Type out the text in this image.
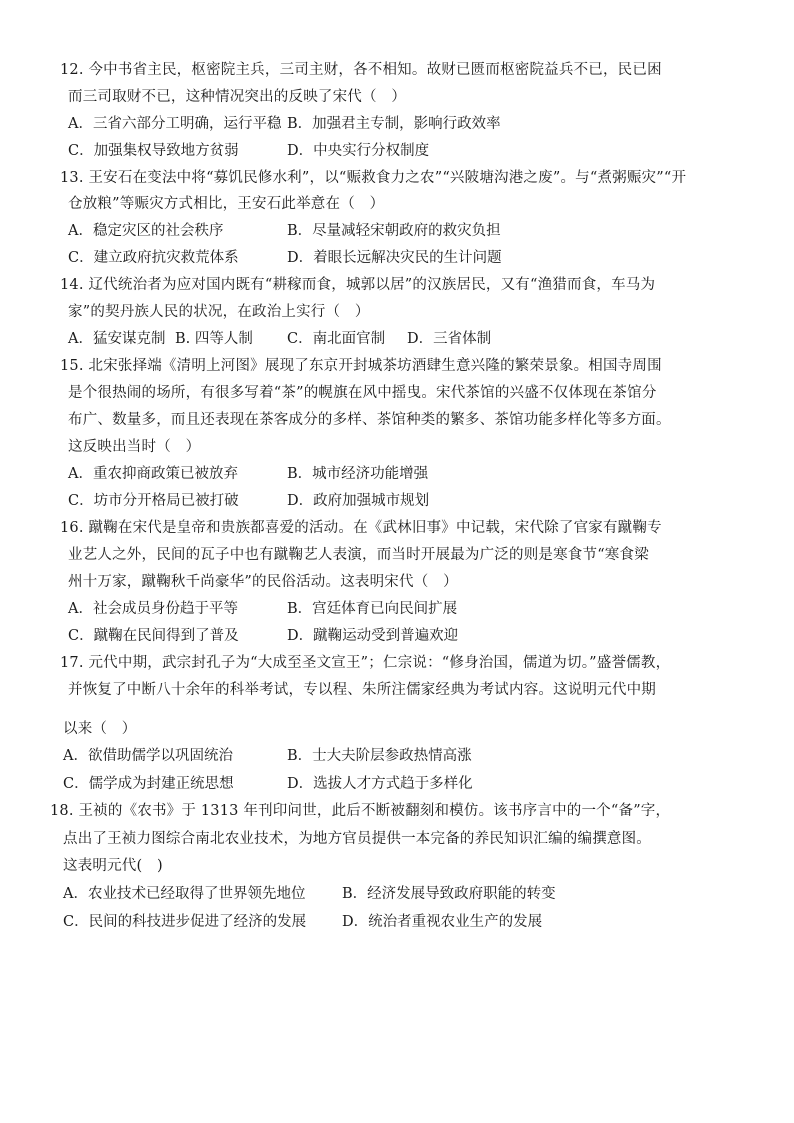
12. 今中书省主民，枢密院主兵，三司主财，各不相知。故财已匮而枢密院益兵不已，民已困
而三司取财不已，这种情况突出的反映了宋代（　）
A．三省六部分工明确，运行平稳 B．加强君主专制，影响行政效率
C．加强集权导致地方贫弱	D．中央实行分权制度
13. 王安石在变法中将“募饥民修水利”，以“赈救食力之农”“兴陂塘沟港之废”。与“煮粥赈灾”“开
仓放粮”等赈灾方式相比，王安石此举意在（　）
A．稳定灾区的社会秩序	B．尽量减轻宋朝政府的救灾负担
C．建立政府抗灾救荒体系	D．着眼长远解决灾民的生计问题
14. 辽代统治者为应对国内既有“耕稼而食，城郭以居”的汉族居民，又有“渔猎而食，车马为
家”的契丹族人民的状况，在政治上实行（　）
A．猛安谋克制 B. 四等人制 C．南北面官制 D．三省体制
15. 北宋张择端《清明上河图》展现了东京开封城茶坊酒肆生意兴隆的繁荣景象。相国寺周围
是个很热闹的场所，有很多写着“茶”的幌旗在风中摇曳。宋代茶馆的兴盛不仅体现在茶馆分
布广、数量多，而且还表现在茶客成分的多样、茶馆种类的繁多、茶馆功能多样化等多方面。
这反映出当时（　）
A．重农抑商政策已被放弃	B．城市经济功能增强
C．坊市分开格局已被打破	D．政府加强城市规划
16. 蹴鞠在宋代是皇帝和贵族都喜爱的活动。在《武林旧事》中记载，宋代除了官家有蹴鞠专
业艺人之外，民间的瓦子中也有蹴鞠艺人表演，而当时开展最为广泛的则是寒食节“寒食梁
州十万家，蹴鞠秋千尚豪华”的民俗活动。这表明宋代（　）
A．社会成员身份趋于平等	B．宫廷体育已向民间扩展
C．蹴鞠在民间得到了普及	D．蹴鞠运动受到普遍欢迎
17. 元代中期，武宗封孔子为“大成至圣文宣王”；仁宗说：“修身治国，儒道为切。”盛誉儒教，
并恢复了中断八十余年的科举考试，专以程、朱所注儒家经典为考试内容。这说明元代中期
以来（　）
A．欲借助儒学以巩固统治	B．士大夫阶层参政热情高涨
C．儒学成为封建正统思想	D．选拔人才方式趋于多样化
18. 王祯的《农书》于 1313 年刊印问世，此后不断被翻刻和模仿。该书序言中的一个“备”字，
点出了王祯力图综合南北农业技术，为地方官员提供一本完备的养民知识汇编的编撰意图。
这表明元代(　)
A．农业技术已经取得了世界领先地位	B．经济发展导致政府职能的转变
C．民间的科技进步促进了经济的发展 D．统治者重视农业生产的发展
